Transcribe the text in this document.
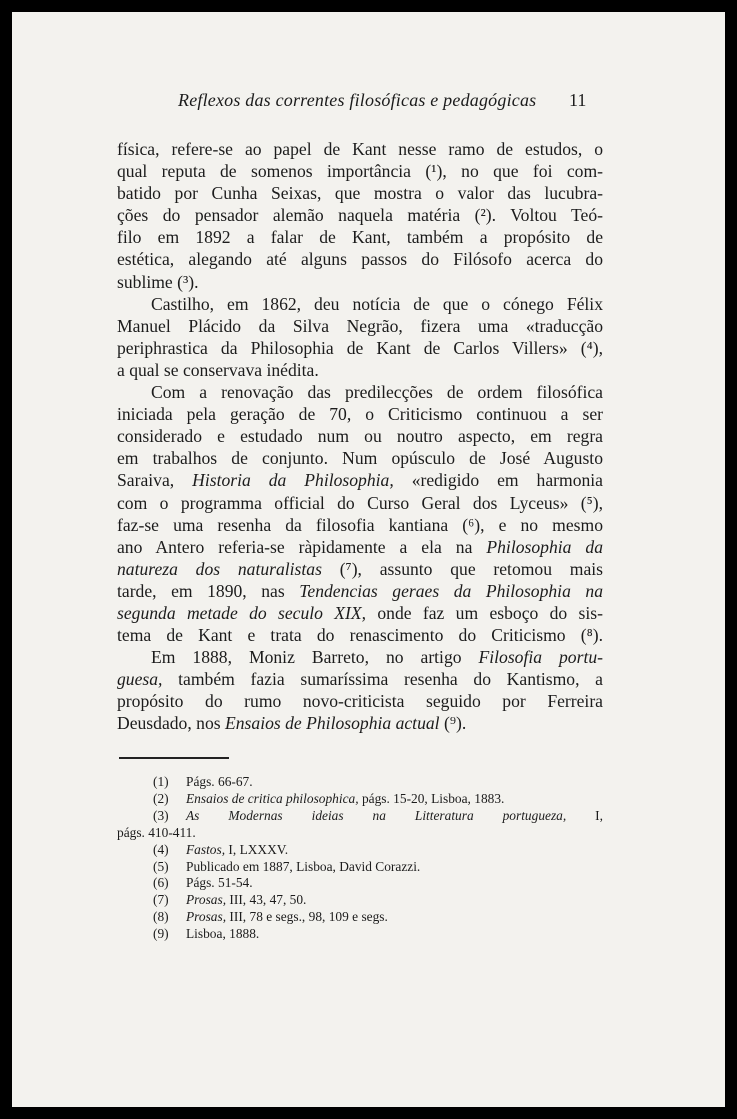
Reflexos das correntes filosóficas e pedagógicas 11
física, refere-se ao papel de Kant nesse ramo de estudos, o
qual reputa de somenos importância (¹), no que foi com-
batido por Cunha Seixas, que mostra o valor das lucubra-
ções do pensador alemão naquela matéria (²). Voltou Teó-
filo em 1892 a falar de Kant, também a propósito de
estética, alegando até alguns passos do Filósofo acerca do
sublime (³).
Castilho, em 1862, deu notícia de que o cónego Félix
Manuel Plácido da Silva Negrão, fizera uma «traducção
periphrastica da Philosophia de Kant de Carlos Villers» (⁴),
a qual se conservava inédita.
Com a renovação das predilecções de ordem filosófica
iniciada pela geração de 70, o Criticismo continuou a ser
considerado e estudado num ou noutro aspecto, em regra
em trabalhos de conjunto. Num opúsculo de José Augusto
Saraiva, Historia da Philosophia, «redigido em harmonia
com o programma official do Curso Geral dos Lyceus» (⁵),
faz-se uma resenha da filosofia kantiana (⁶), e no mesmo
ano Antero referia-se ràpidamente a ela na Philosophia da
natureza dos naturalistas (⁷), assunto que retomou mais
tarde, em 1890, nas Tendencias geraes da Philosophia na
segunda metade do seculo XIX, onde faz um esboço do sis-
tema de Kant e trata do renascimento do Criticismo (⁸).
Em 1888, Moniz Barreto, no artigo Filosofia portu-
guesa, também fazia sumaríssima resenha do Kantismo, a
propósito do rumo novo-criticista seguido por Ferreira
Deusdado, nos Ensaios de Philosophia actual (⁹).
(1) Págs. 66-67.
(2) Ensaios de critica philosophica, págs. 15-20, Lisboa, 1883.
(3) As Modernas ideias na Litteratura portugueza, I,
págs. 410-411.
(4) Fastos, I, LXXXV.
(5) Publicado em 1887, Lisboa, David Corazzi.
(6) Págs. 51-54.
(7) Prosas, III, 43, 47, 50.
(8) Prosas, III, 78 e segs., 98, 109 e segs.
(9) Lisboa, 1888.
